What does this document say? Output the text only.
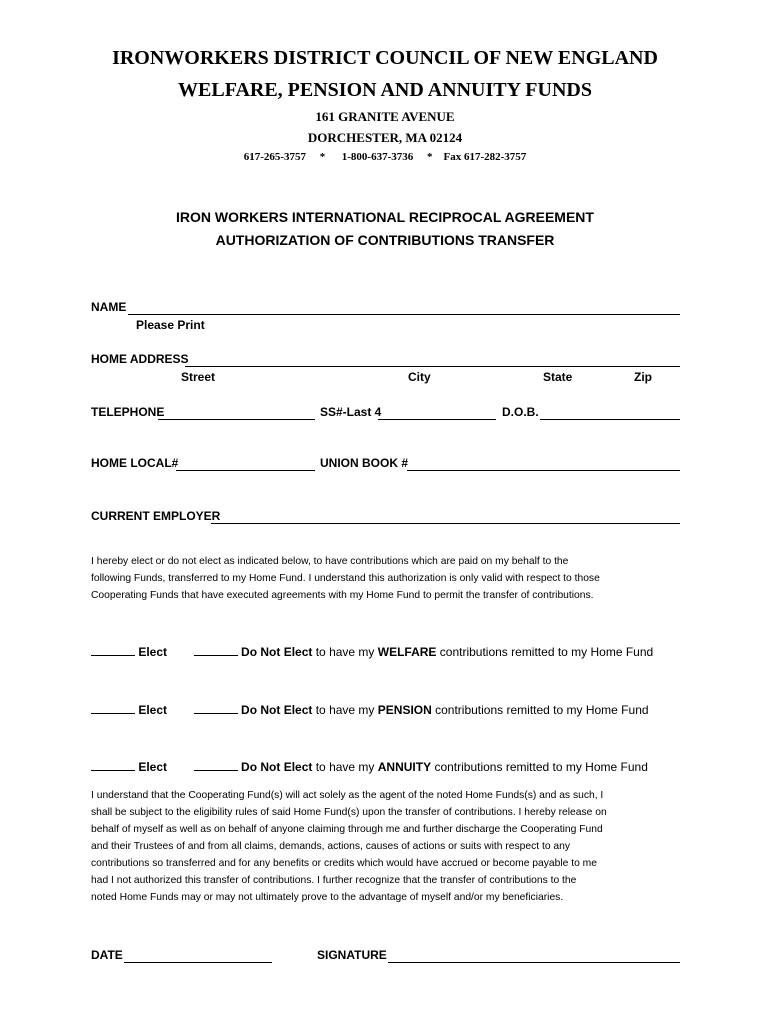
IRONWORKERS DISTRICT COUNCIL OF NEW ENGLAND
WELFARE, PENSION AND ANNUITY FUNDS
161 GRANITE AVENUE
DORCHESTER, MA 02124
617-265-3757 * 1-800-637-3736 * Fax 617-282-3757
IRON WORKERS INTERNATIONAL RECIPROCAL AGREEMENT
AUTHORIZATION OF CONTRIBUTIONS TRANSFER
NAME
Please Print
HOME ADDRESS
Street	City	State	Zip
TELEPHONE	SS#-Last 4	D.O.B.
HOME LOCAL#	UNION BOOK #
CURRENT EMPLOYER
I hereby elect or do not elect as indicated below, to have contributions which are paid on my behalf to the
following Funds, transferred to my Home Fund. I understand this authorization is only valid with respect to those
Cooperating Funds that have executed agreements with my Home Fund to permit the transfer of contributions.
Elect	Do Not Elect to have my WELFARE contributions remitted to my Home Fund
Elect	Do Not Elect to have my PENSION contributions remitted to my Home Fund
Elect	Do Not Elect to have my ANNUITY contributions remitted to my Home Fund
I understand that the Cooperating Fund(s) will act solely as the agent of the noted Home Funds(s) and as such, I
shall be subject to the eligibility rules of said Home Fund(s) upon the transfer of contributions. I hereby release on
behalf of myself as well as on behalf of anyone claiming through me and further discharge the Cooperating Fund
and their Trustees of and from all claims, demands, actions, causes of actions or suits with respect to any
contributions so transferred and for any benefits or credits which would have accrued or become payable to me
had I not authorized this transfer of contributions. I further recognize that the transfer of contributions to the
noted Home Funds may or may not ultimately prove to the advantage of myself and/or my beneficiaries.
DATE	SIGNATURE
